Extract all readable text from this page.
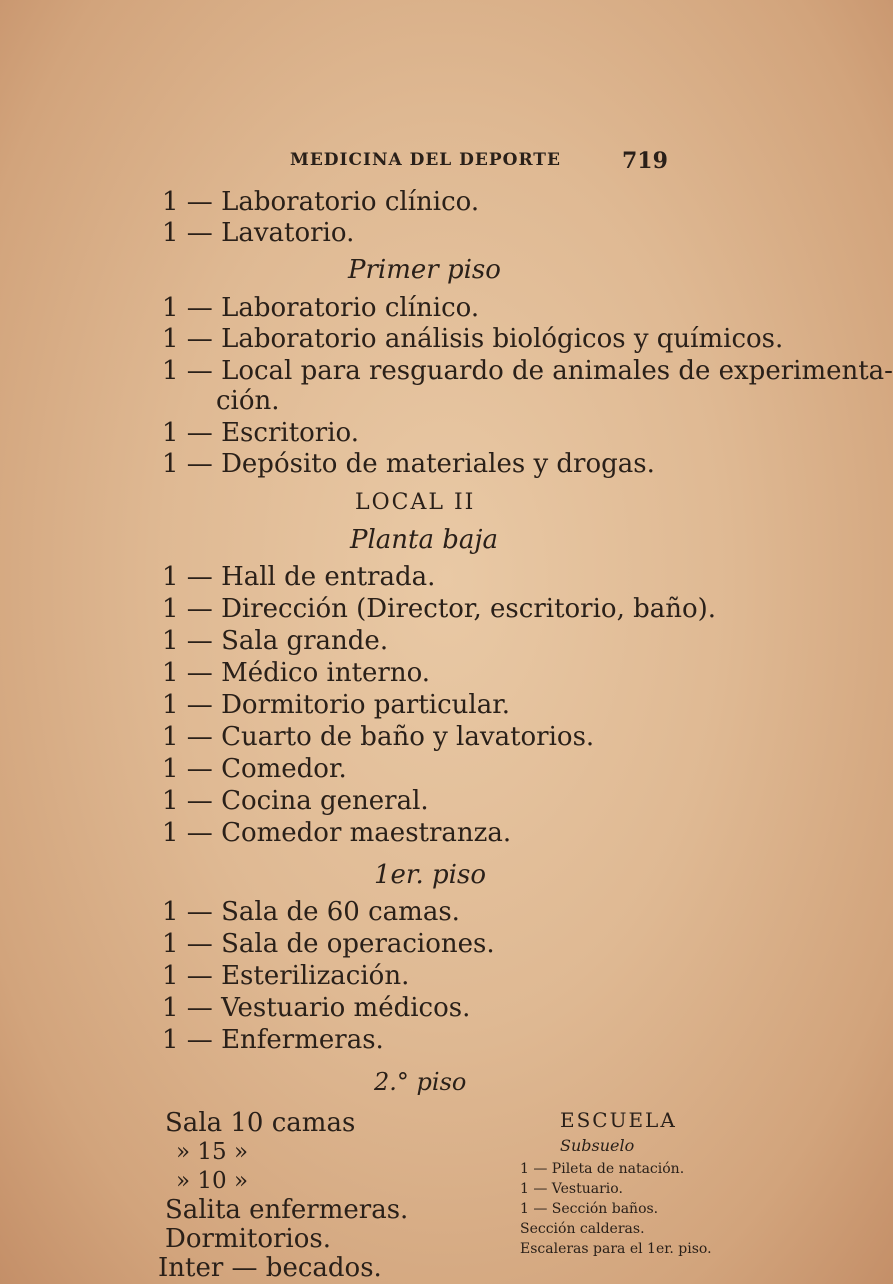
MEDICINA DEL DEPORTE	719
1 — Laboratorio clínico.
1 — Lavatorio.
Primer piso
1 — Laboratorio clínico.
1 — Laboratorio análisis biológicos y químicos.
1 — Local para resguardo de animales de experimenta-
ción.
1 — Escritorio.
1 — Depósito de materiales y drogas.
LOCAL II
Planta baja
1 — Hall de entrada.
1 — Dirección (Director, escritorio, baño).
1 — Sala grande.
1 — Médico interno.
1 — Dormitorio particular.
1 — Cuarto de baño y lavatorios.
1 — Comedor.
1 — Cocina general.
1 — Comedor maestranza.
1er. piso
1 — Sala de 60 camas.
1 — Sala de operaciones.
1 — Esterilización.
1 — Vestuario médicos.
1 — Enfermeras.
2.° piso
Sala 10 camas
» 15 »
» 10 »
Salita enfermeras.
Dormitorios.
Inter — becados.
ESCUELA
Subsuelo
1 — Pileta de natación.
1 — Vestuario.
1 — Sección baños.
Sección calderas.
Escaleras para el 1er. piso.
